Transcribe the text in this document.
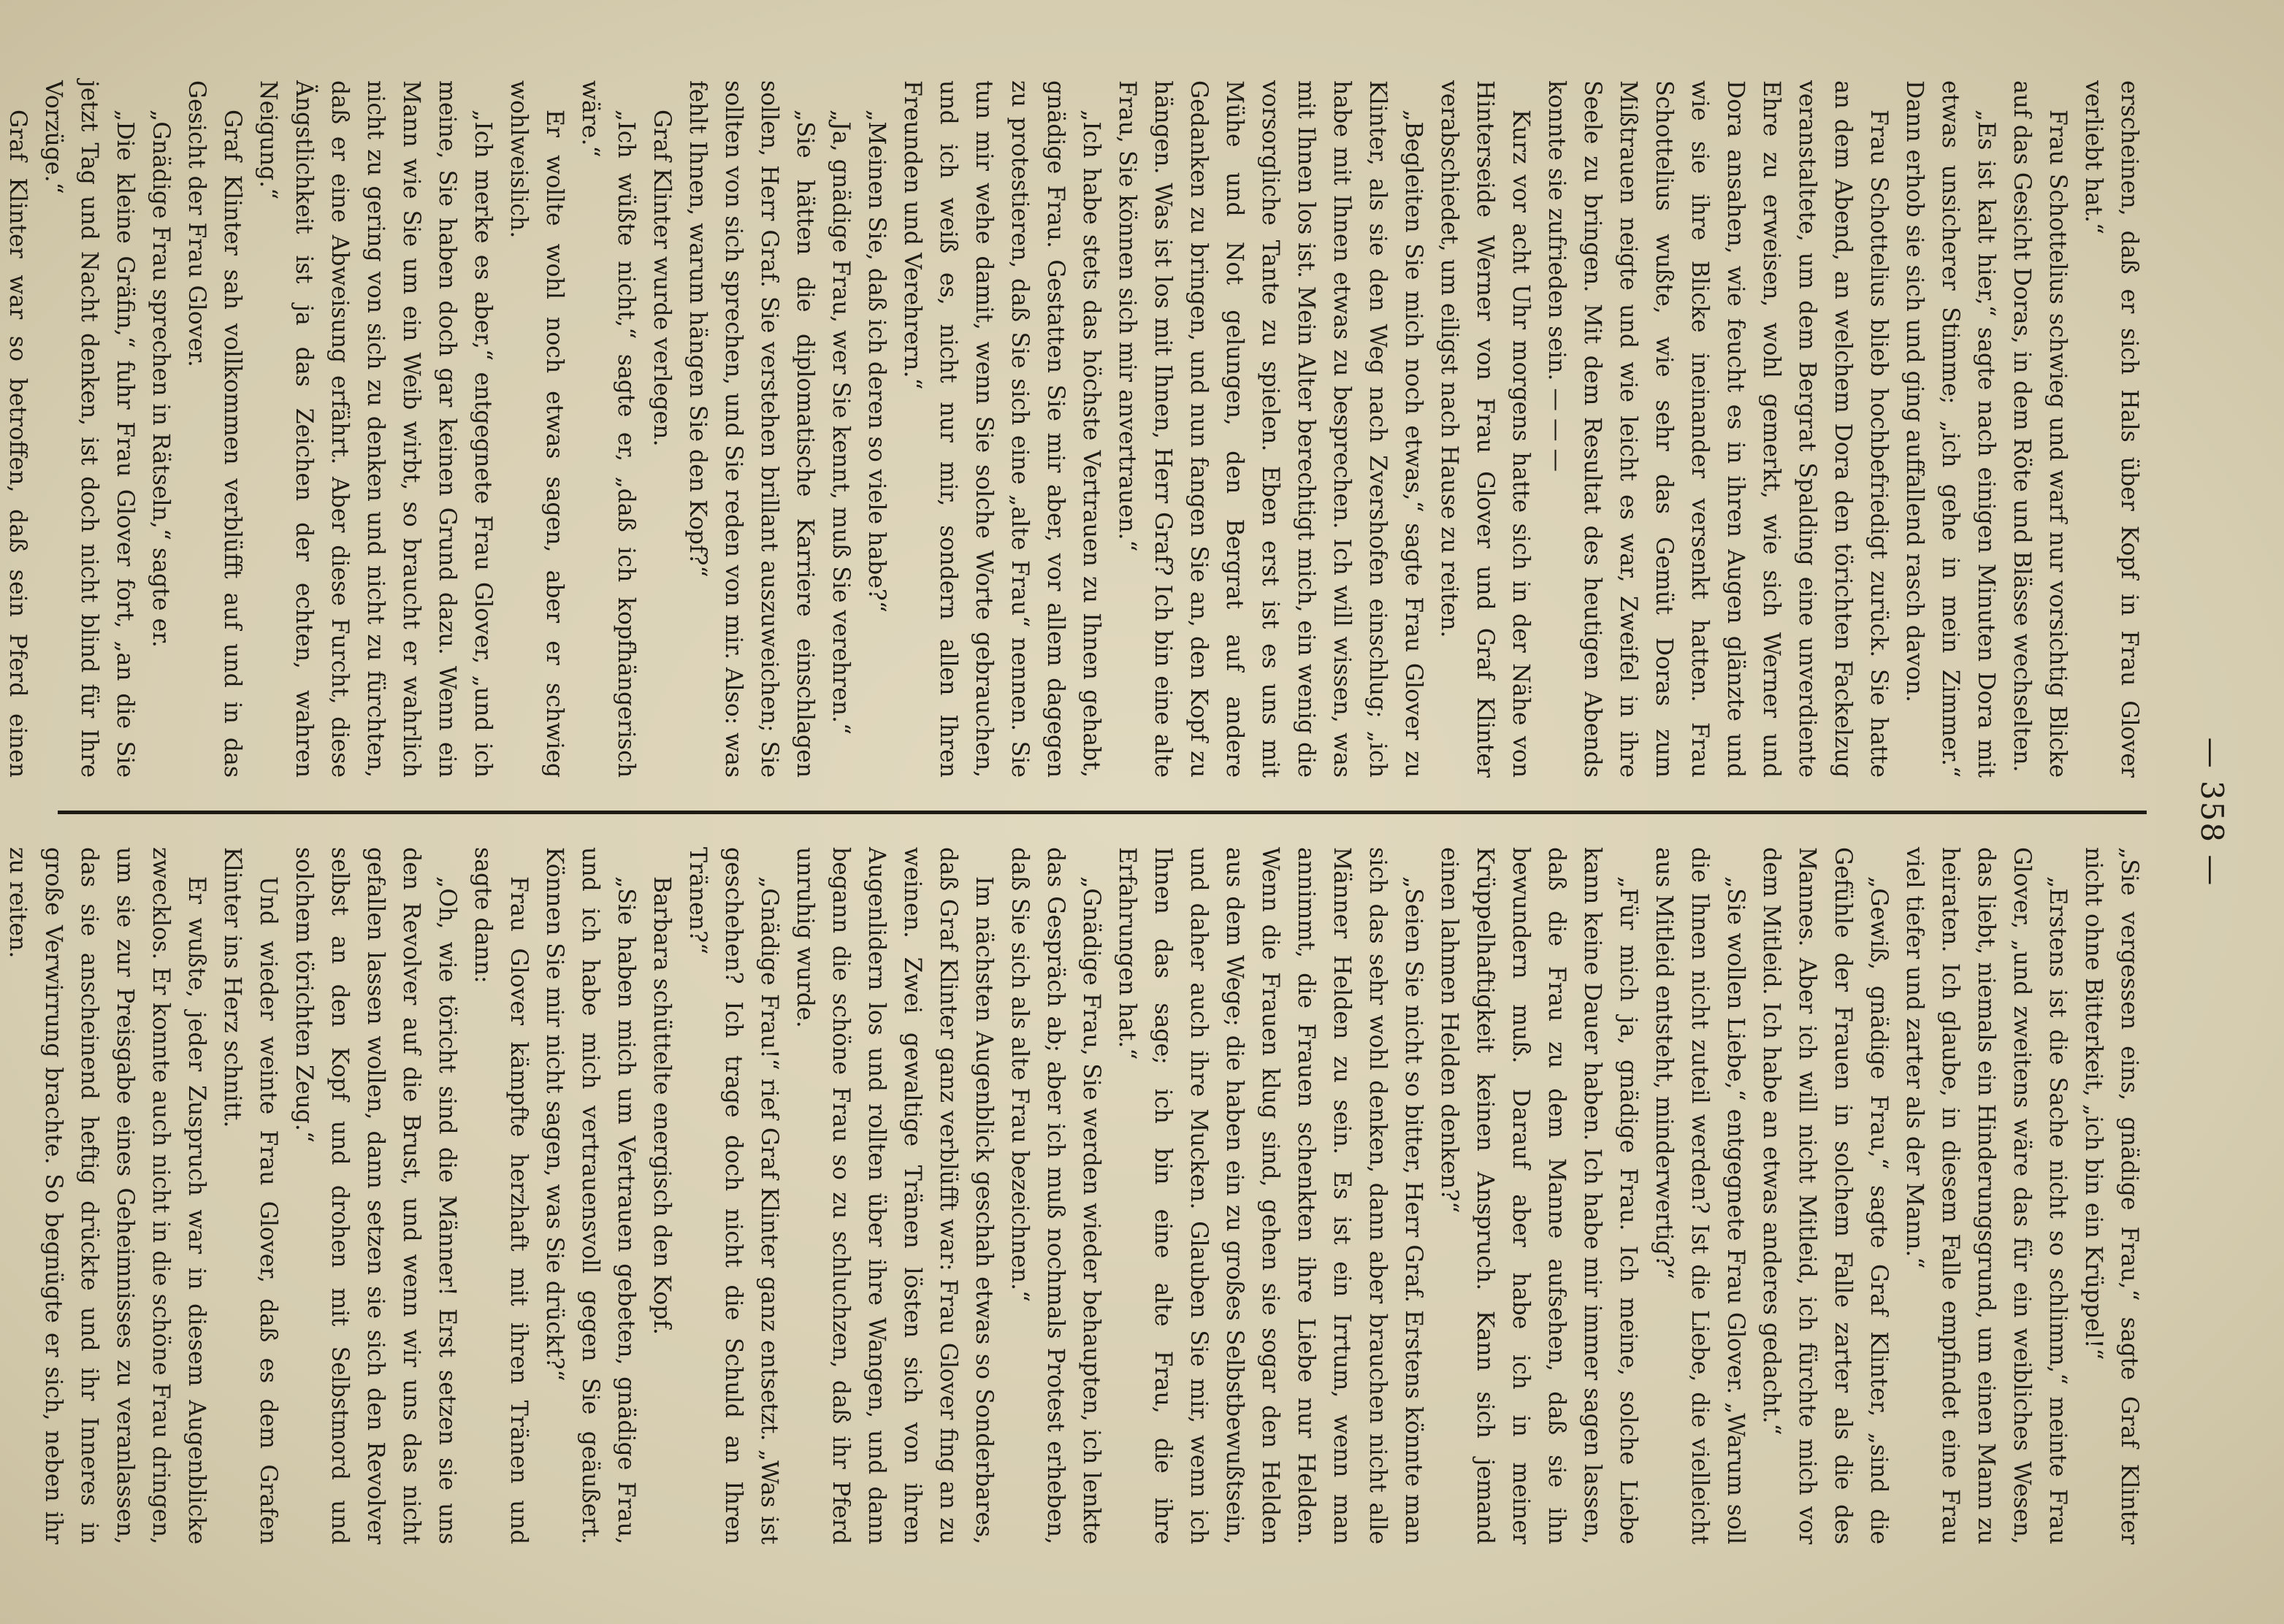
— 358 —

erscheinen, daß er sich Hals über Kopf in Frau Glover verliebt hat.“

Frau Schottelius schwieg und warf nur vorsichtig Blicke auf das Gesicht Doras, in dem Röte und Blässe wechselten.

„Es ist kalt hier,“ sagte nach einigen Minuten Dora mit etwas unsicherer Stimme; „ich gehe in mein Zimmer.“ Dann erhob sie sich und ging auffallend rasch davon.

Frau Schottelius blieb hochbefriedigt zurück. Sie hatte an dem Abend, an welchem Dora den törichten Fackelzug veranstaltete, um dem Bergrat Spalding eine unverdiente Ehre zu erweisen, wohl gemerkt, wie sich Werner und Dora ansahen, wie feucht es in ihren Augen glänzte und wie sie ihre Blicke ineinander versenkt hatten. Frau Schottelius wußte, wie sehr das Gemüt Doras zum Mißtrauen neigte und wie leicht es war, Zweifel in ihre Seele zu bringen. Mit dem Resultat des heutigen Abends konnte sie zufrieden sein. — — —

Kurz vor acht Uhr morgens hatte sich in der Nähe von Hinterseide Werner von Frau Glover und Graf Klinter verabschiedet, um eiligst nach Hause zu reiten.

„Begleiten Sie mich noch etwas,“ sagte Frau Glover zu Klinter, als sie den Weg nach Zvershofen einschlug; „ich habe mit Ihnen etwas zu besprechen. Ich will wissen, was mit Ihnen los ist. Mein Alter berechtigt mich, ein wenig die vorsorgliche Tante zu spielen. Eben erst ist es uns mit Mühe und Not gelungen, den Bergrat auf andere Gedanken zu bringen, und nun fangen Sie an, den Kopf zu hängen. Was ist los mit Ihnen, Herr Graf? Ich bin eine alte Frau, Sie können sich mir anvertrauen.“

„Ich habe stets das höchste Vertrauen zu Ihnen gehabt, gnädige Frau. Gestatten Sie mir aber, vor allem dagegen zu protestieren, daß Sie sich eine „alte Frau“ nennen. Sie tun mir wehe damit, wenn Sie solche Worte gebrauchen, und ich weiß es, nicht nur mir, sondern allen Ihren Freunden und Verehrern.“

„Meinen Sie, daß ich deren so viele habe?“

„Ja, gnädige Frau, wer Sie kennt, muß Sie verehren.“

„Sie hätten die diplomatische Karriere einschlagen sollen, Herr Graf. Sie verstehen brillant auszuweichen; Sie sollten von sich sprechen, und Sie reden von mir. Also: was fehlt Ihnen, warum hängen Sie den Kopf?“

Graf Klinter wurde verlegen.

„Ich wüßte nicht,“ sagte er, „daß ich kopfhängerisch wäre.“

Er wollte wohl noch etwas sagen, aber er schwieg wohlweislich.

„Ich merke es aber,“ entgegnete Frau Glover, „und ich meine, Sie haben doch gar keinen Grund dazu. Wenn ein Mann wie Sie um ein Weib wirbt, so braucht er wahrlich nicht zu gering von sich zu denken und nicht zu fürchten, daß er eine Abweisung erfährt. Aber diese Furcht, diese Ängstlichkeit ist ja das Zeichen der echten, wahren Neigung.“

Graf Klinter sah vollkommen verblüfft auf und in das Gesicht der Frau Glover.

„Gnädige Frau sprechen in Rätseln,“ sagte er.

„Die kleine Gräfin,“ fuhr Frau Glover fort, „an die Sie jetzt Tag und Nacht denken, ist doch nicht blind für Ihre Vorzüge.“

Graf Klinter war so betroffen, daß sein Pferd einen

„Sie vergessen eins, gnädige Frau,“ sagte Graf Klinter nicht ohne Bitterkeit, „ich bin ein Krüppel!“

„Erstens ist die Sache nicht so schlimm,“ meinte Frau Glover, „und zweitens wäre das für ein weibliches Wesen, das liebt, niemals ein Hinderungsgrund, um einen Mann zu heiraten. Ich glaube, in diesem Falle empfindet eine Frau viel tiefer und zarter als der Mann.“

„Gewiß, gnädige Frau,“ sagte Graf Klinter, „sind die Gefühle der Frauen in solchem Falle zarter als die des Mannes. Aber ich will nicht Mitleid, ich fürchte mich vor dem Mitleid. Ich habe an etwas anderes gedacht.“

„Sie wollen Liebe,“ entgegnete Frau Glover. „Warum soll die Ihnen nicht zuteil werden? Ist die Liebe, die vielleicht aus Mitleid entsteht, minderwertig?“

„Für mich ja, gnädige Frau. Ich meine, solche Liebe kann keine Dauer haben. Ich habe mir immer sagen lassen, daß die Frau zu dem Manne aufsehen, daß sie ihn bewundern muß. Darauf aber habe ich in meiner Krüppelhaftigkeit keinen Anspruch. Kann sich jemand einen lahmen Helden denken?“

„Seien Sie nicht so bitter, Herr Graf. Erstens könnte man sich das sehr wohl denken, dann aber brauchen nicht alle Männer Helden zu sein. Es ist ein Irrtum, wenn man annimmt, die Frauen schenkten ihre Liebe nur Helden. Wenn die Frauen klug sind, gehen sie sogar den Helden aus dem Wege; die haben ein zu großes Selbstbewußtsein, und daher auch ihre Mucken. Glauben Sie mir, wenn ich Ihnen das sage; ich bin eine alte Frau, die ihre Erfahrungen hat.“

„Gnädige Frau, Sie werden wieder behaupten, ich lenkte das Gespräch ab; aber ich muß nochmals Protest erheben, daß Sie sich als alte Frau bezeichnen.“

Im nächsten Augenblick geschah etwas so Sonderbares, daß Graf Klinter ganz verblüfft war: Frau Glover fing an zu weinen. Zwei gewaltige Tränen lösten sich von ihren Augenlidern los und rollten über ihre Wangen, und dann begann die schöne Frau so zu schluchzen, daß ihr Pferd unruhig wurde.

„Gnädige Frau!“ rief Graf Klinter ganz entsetzt. „Was ist geschehen? Ich trage doch nicht die Schuld an Ihren Tränen?“

Barbara schüttelte energisch den Kopf.

„Sie haben mich um Vertrauen gebeten, gnädige Frau, und ich habe mich vertrauensvoll gegen Sie geäußert. Können Sie mir nicht sagen, was Sie drückt?“

Frau Glover kämpfte herzhaft mit ihren Tränen und sagte dann:

„Oh, wie töricht sind die Männer! Erst setzen sie uns den Revolver auf die Brust, und wenn wir uns das nicht gefallen lassen wollen, dann setzen sie sich den Revolver selbst an den Kopf und drohen mit Selbstmord und solchem törichten Zeug.“

Und wieder weinte Frau Glover, daß es dem Grafen Klinter ins Herz schnitt.

Er wußte, jeder Zuspruch war in diesem Augenblicke zwecklos. Er konnte auch nicht in die schöne Frau dringen, um sie zur Preisgabe eines Geheimnisses zu veranlassen, das sie anscheinend heftig drückte und ihr Inneres in große Verwirrung brachte. So begnügte er sich, neben ihr zu reiten.
